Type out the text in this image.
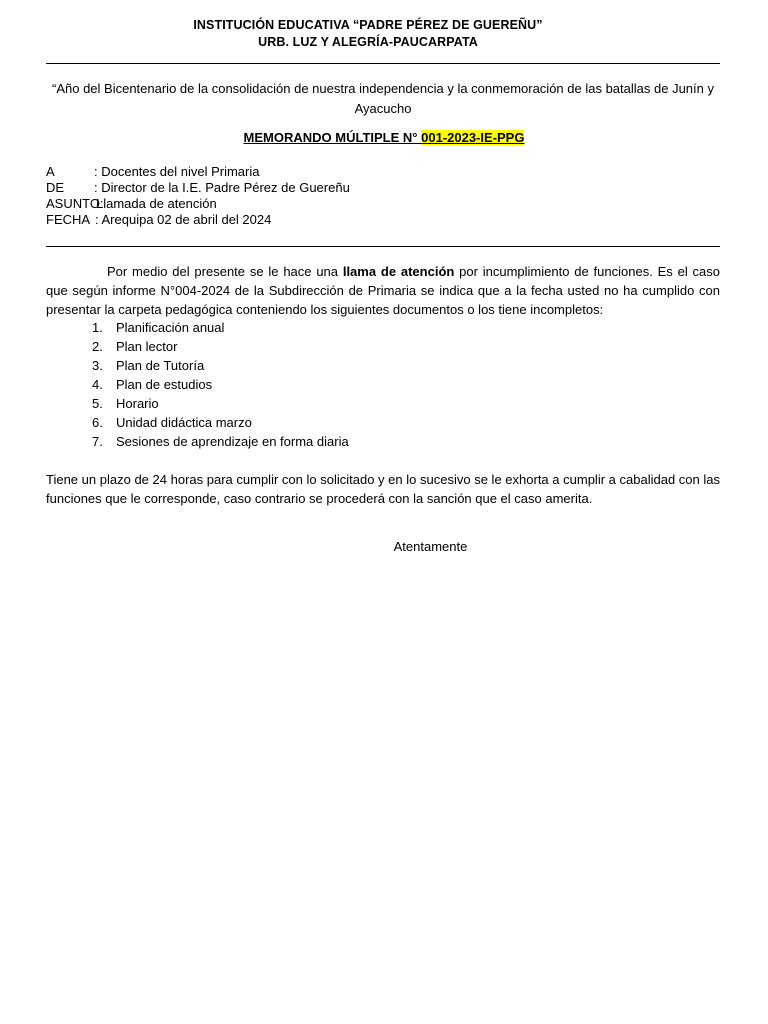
INSTITUCIÓN EDUCATIVA “PADRE PÉREZ DE GUEREÑU”
URB. LUZ Y ALEGRÍA-PAUCARPATA
“Año del Bicentenario de la consolidación de nuestra independencia y la conmemoración de las batallas de Junín y Ayacucho
MEMORANDO MÚLTIPLE N° 001-2023-IE-PPG
A	: Docentes del nivel Primaria
DE : Director de la I.E. Padre Pérez de Guereñu
ASUNTO:
Llamada de atención
FECHA : Arequipa 02 de abril del 2024
Por medio del presente se le hace una llama de atención por incumplimiento de funciones. Es el caso que según informe N°004-2024 de la Subdirección de Primaria se indica que a la fecha usted no ha cumplido con presentar la carpeta pedagógica conteniendo los siguientes documentos o los tiene incompletos:
1. Planificación anual
2. Plan lector
3. Plan de Tutoría
4. Plan de estudios
5. Horario
6. Unidad didáctica marzo
7. Sesiones de aprendizaje en forma diaria
Tiene un plazo de 24 horas para cumplir con lo solicitado y en lo sucesivo se le exhorta a cumplir a cabalidad con las funciones que le corresponde, caso contrario se procederá con la sanción que el caso amerita.
Atentamente
